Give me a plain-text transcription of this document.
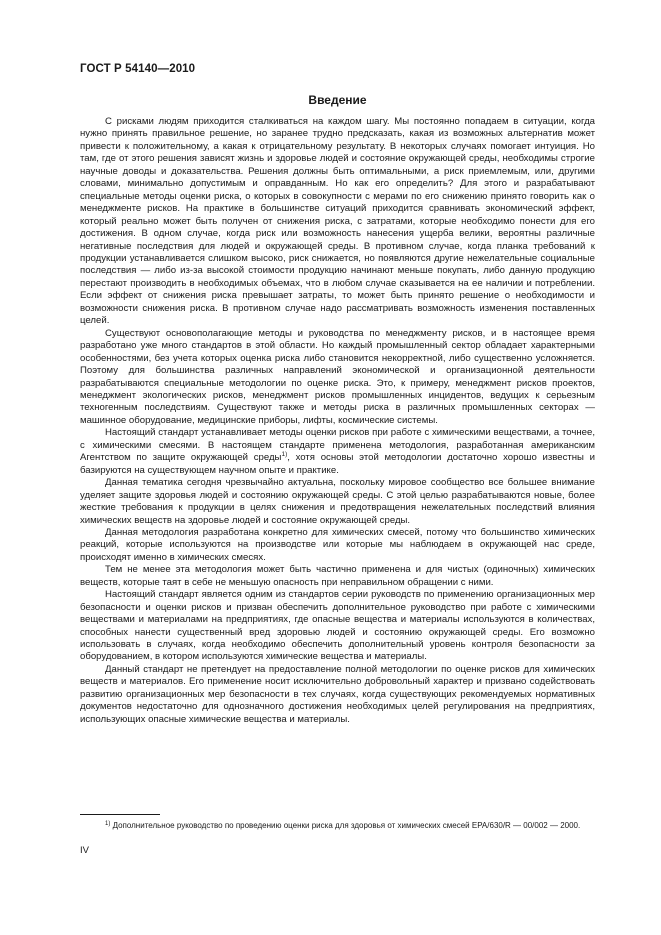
ГОСТ Р 54140—2010
Введение

С рисками людям приходится сталкиваться на каждом шагу. Мы постоянно попадаем в ситуации, когда нужно принять правильное решение, но заранее трудно предсказать, какая из возможных альтернатив может привести к положительному, а какая к отрицательному результату. В некоторых случаях помогает интуиция. Но там, где от этого решения зависят жизнь и здоровье людей и состояние окружающей среды, необходимы строгие научные доводы и доказательства. Решения должны быть оптимальными, а риск приемлемым, или, другими словами, минимально допустимым и оправданным. Но как его определить? Для этого и разрабатывают специальные методы оценки риска, о которых в совокупности с мерами по его снижению принято говорить как о менеджменте рисков. На практике в большинстве ситуаций приходится сравнивать экономический эффект, который реально может быть получен от снижения риска, с затратами, которые необходимо понести для его достижения. В одном случае, когда риск или возможность нанесения ущерба велики, вероятны различные негативные последствия для людей и окружающей среды. В противном случае, когда планка требований к продукции устанавливается слишком высоко, риск снижается, но появляются другие нежелательные социальные последствия — либо из-за высокой стоимости продукцию начинают меньше покупать, либо данную продукцию перестают производить в необходимых объемах, что в любом случае сказывается на ее наличии и потреблении. Если эффект от снижения риска превышает затраты, то может быть принято решение о необходимости и возможности снижения риска. В противном случае надо рассматривать возможность изменения поставленных целей.

Существуют основополагающие методы и руководства по менеджменту рисков, и в настоящее время разработано уже много стандартов в этой области. Но каждый промышленный сектор обладает характерными особенностями, без учета которых оценка риска либо становится некорректной, либо существенно усложняется. Поэтому для большинства различных направлений экономической и организационной деятельности разрабатываются специальные методологии по оценке риска. Это, к примеру, менеджмент рисков проектов, менеджмент экологических рисков, менеджмент рисков промышленных инцидентов, ведущих к серьезным техногенным последствиям. Существуют также и методы риска в различных промышленных секторах — машинное оборудование, медицинские приборы, лифты, космические системы.

Настоящий стандарт устанавливает методы оценки рисков при работе с химическими веществами, а точнее, с химическими смесями. В настоящем стандарте применена методология, разработанная американским Агентством по защите окружающей среды$^{1)}$, хотя основы этой методологии достаточно хорошо известны и базируются на существующем научном опыте и практике.

Данная тематика сегодня чрезвычайно актуальна, поскольку мировое сообщество все большее внимание уделяет защите здоровья людей и состоянию окружающей среды. С этой целью разрабатываются новые, более жесткие требования к продукции в целях снижения и предотвращения нежелательных последствий влияния химических веществ на здоровье людей и состояние окружающей среды.

Данная методология разработана конкретно для химических смесей, потому что большинство химических реакций, которые используются на производстве или которые мы наблюдаем в окружающей нас среде, происходят именно в химических смесях.

Тем не менее эта методология может быть частично применена и для чистых (одиночных) химических веществ, которые таят в себе не меньшую опасность при неправильном обращении с ними.

Настоящий стандарт является одним из стандартов серии руководств по применению организационных мер безопасности и оценки рисков и призван обеспечить дополнительное руководство при работе с химическими веществами и материалами на предприятиях, где опасные вещества и материалы используются в количествах, способных нанести существенный вред здоровью людей и состоянию окружающей среды. Его возможно использовать в случаях, когда необходимо обеспечить дополнительный уровень контроля безопасности за оборудованием, в котором используются химические вещества и материалы.

Данный стандарт не претендует на предоставление полной методологии по оценке рисков для химических веществ и материалов. Его применение носит исключительно добровольный характер и призвано содействовать развитию организационных мер безопасности в тех случаях, когда существующих рекомендуемых нормативных документов недостаточно для однозначного достижения необходимых целей регулирования на предприятиях, использующих опасные химические вещества и материалы.

$^{1)}$ Дополнительное руководство по проведению оценки риска для здоровья от химических смесей EPA/630/R — 00/002 — 2000.
IV
